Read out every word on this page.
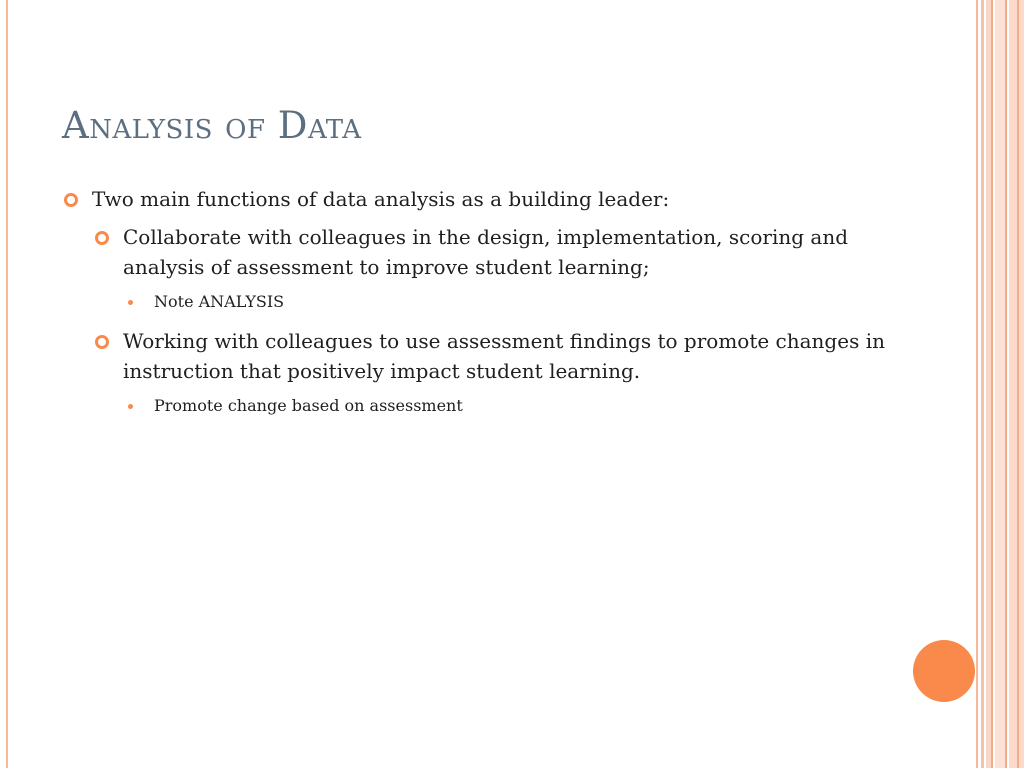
Analysis of Data
Two main functions of data analysis as a building leader:
Collaborate with colleagues in the design, implementation, scoring and analysis of assessment to improve student learning;
Note ANALYSIS
Working with colleagues to use assessment findings to promote changes in instruction that positively impact student learning.
Promote change based on assessment
